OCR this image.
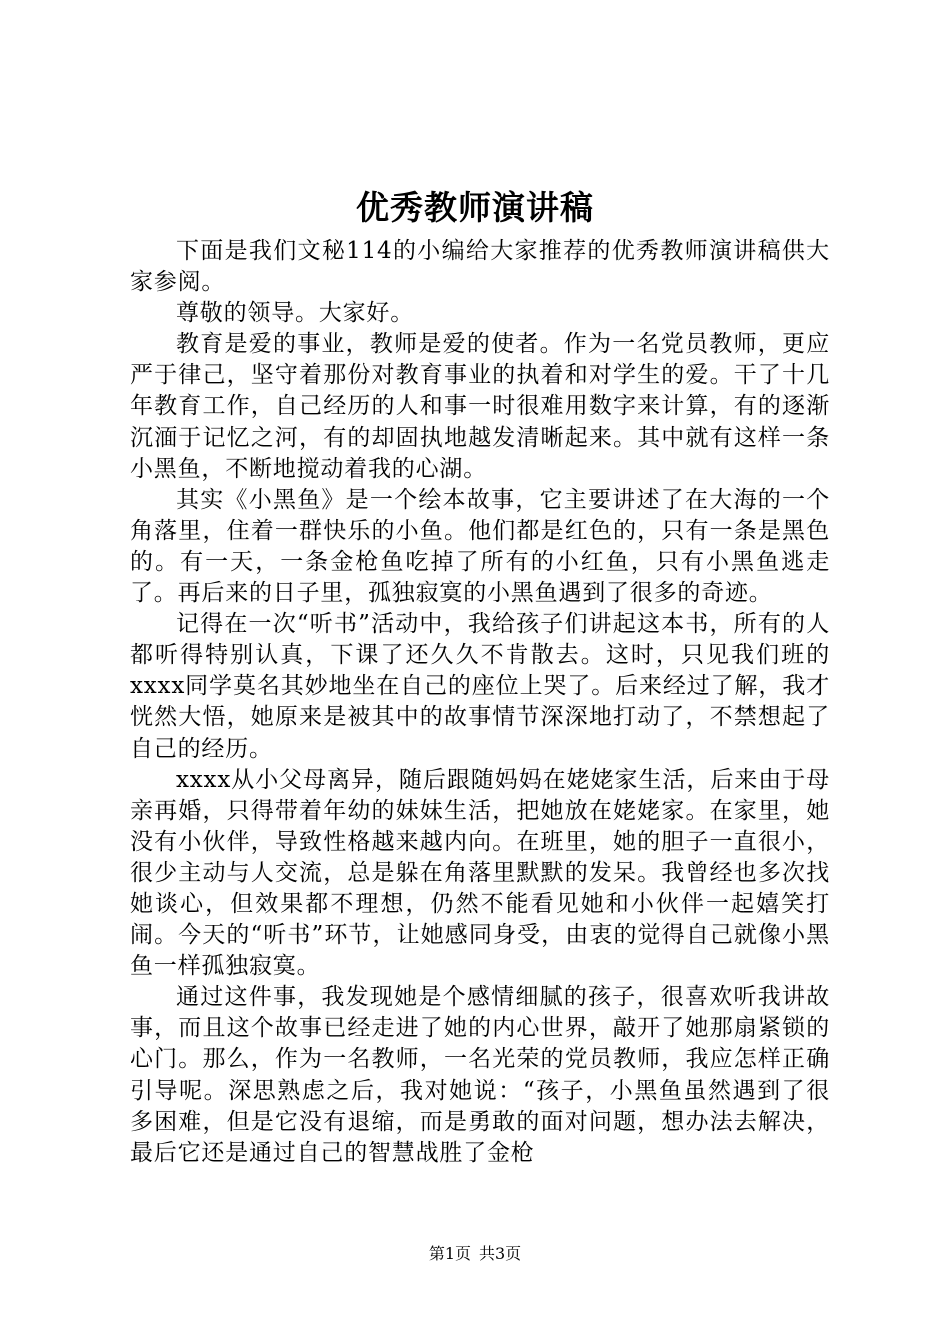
优秀教师演讲稿

下面是我们文秘114的小编给大家推荐的优秀教师演讲稿供大家参阅。

尊敬的领导。大家好。

教育是爱的事业，教师是爱的使者。作为一名党员教师，更应严于律己，坚守着那份对教育事业的执着和对学生的爱。干了十几年教育工作，自己经历的人和事一时很难用数字来计算，有的逐渐沉湎于记忆之河，有的却固执地越发清晰起来。其中就有这样一条小黑鱼，不断地搅动着我的心湖。

其实《小黑鱼》是一个绘本故事，它主要讲述了在大海的一个角落里，住着一群快乐的小鱼。他们都是红色的，只有一条是黑色的。有一天，一条金枪鱼吃掉了所有的小红鱼，只有小黑鱼逃走了。再后来的日子里，孤独寂寞的小黑鱼遇到了很多的奇迹。

记得在一次“听书”活动中，我给孩子们讲起这本书，所有的人都听得特别认真，下课了还久久不肯散去。这时，只见我们班的xxxx同学莫名其妙地坐在自己的座位上哭了。后来经过了解，我才恍然大悟，她原来是被其中的故事情节深深地打动了，不禁想起了自己的经历。

xxxx从小父母离异，随后跟随妈妈在姥姥家生活，后来由于母亲再婚，只得带着年幼的妹妹生活，把她放在姥姥家。在家里，她没有小伙伴，导致性格越来越内向。在班里，她的胆子一直很小，很少主动与人交流，总是躲在角落里默默的发呆。我曾经也多次找她谈心，但效果都不理想，仍然不能看见她和小伙伴一起嬉笑打闹。今天的“听书”环节，让她感同身受，由衷的觉得自己就像小黑鱼一样孤独寂寞。

通过这件事，我发现她是个感情细腻的孩子，很喜欢听我讲故事，而且这个故事已经走进了她的内心世界，敲开了她那扇紧锁的心门。那么，作为一名教师，一名光荣的党员教师，我应怎样正确引导呢。深思熟虑之后，我对她说：“孩子，小黑鱼虽然遇到了很多困难，但是它没有退缩，而是勇敢的面对问题，想办法去解决，最后它还是通过自己的智慧战胜了金枪

第1页 共3页
